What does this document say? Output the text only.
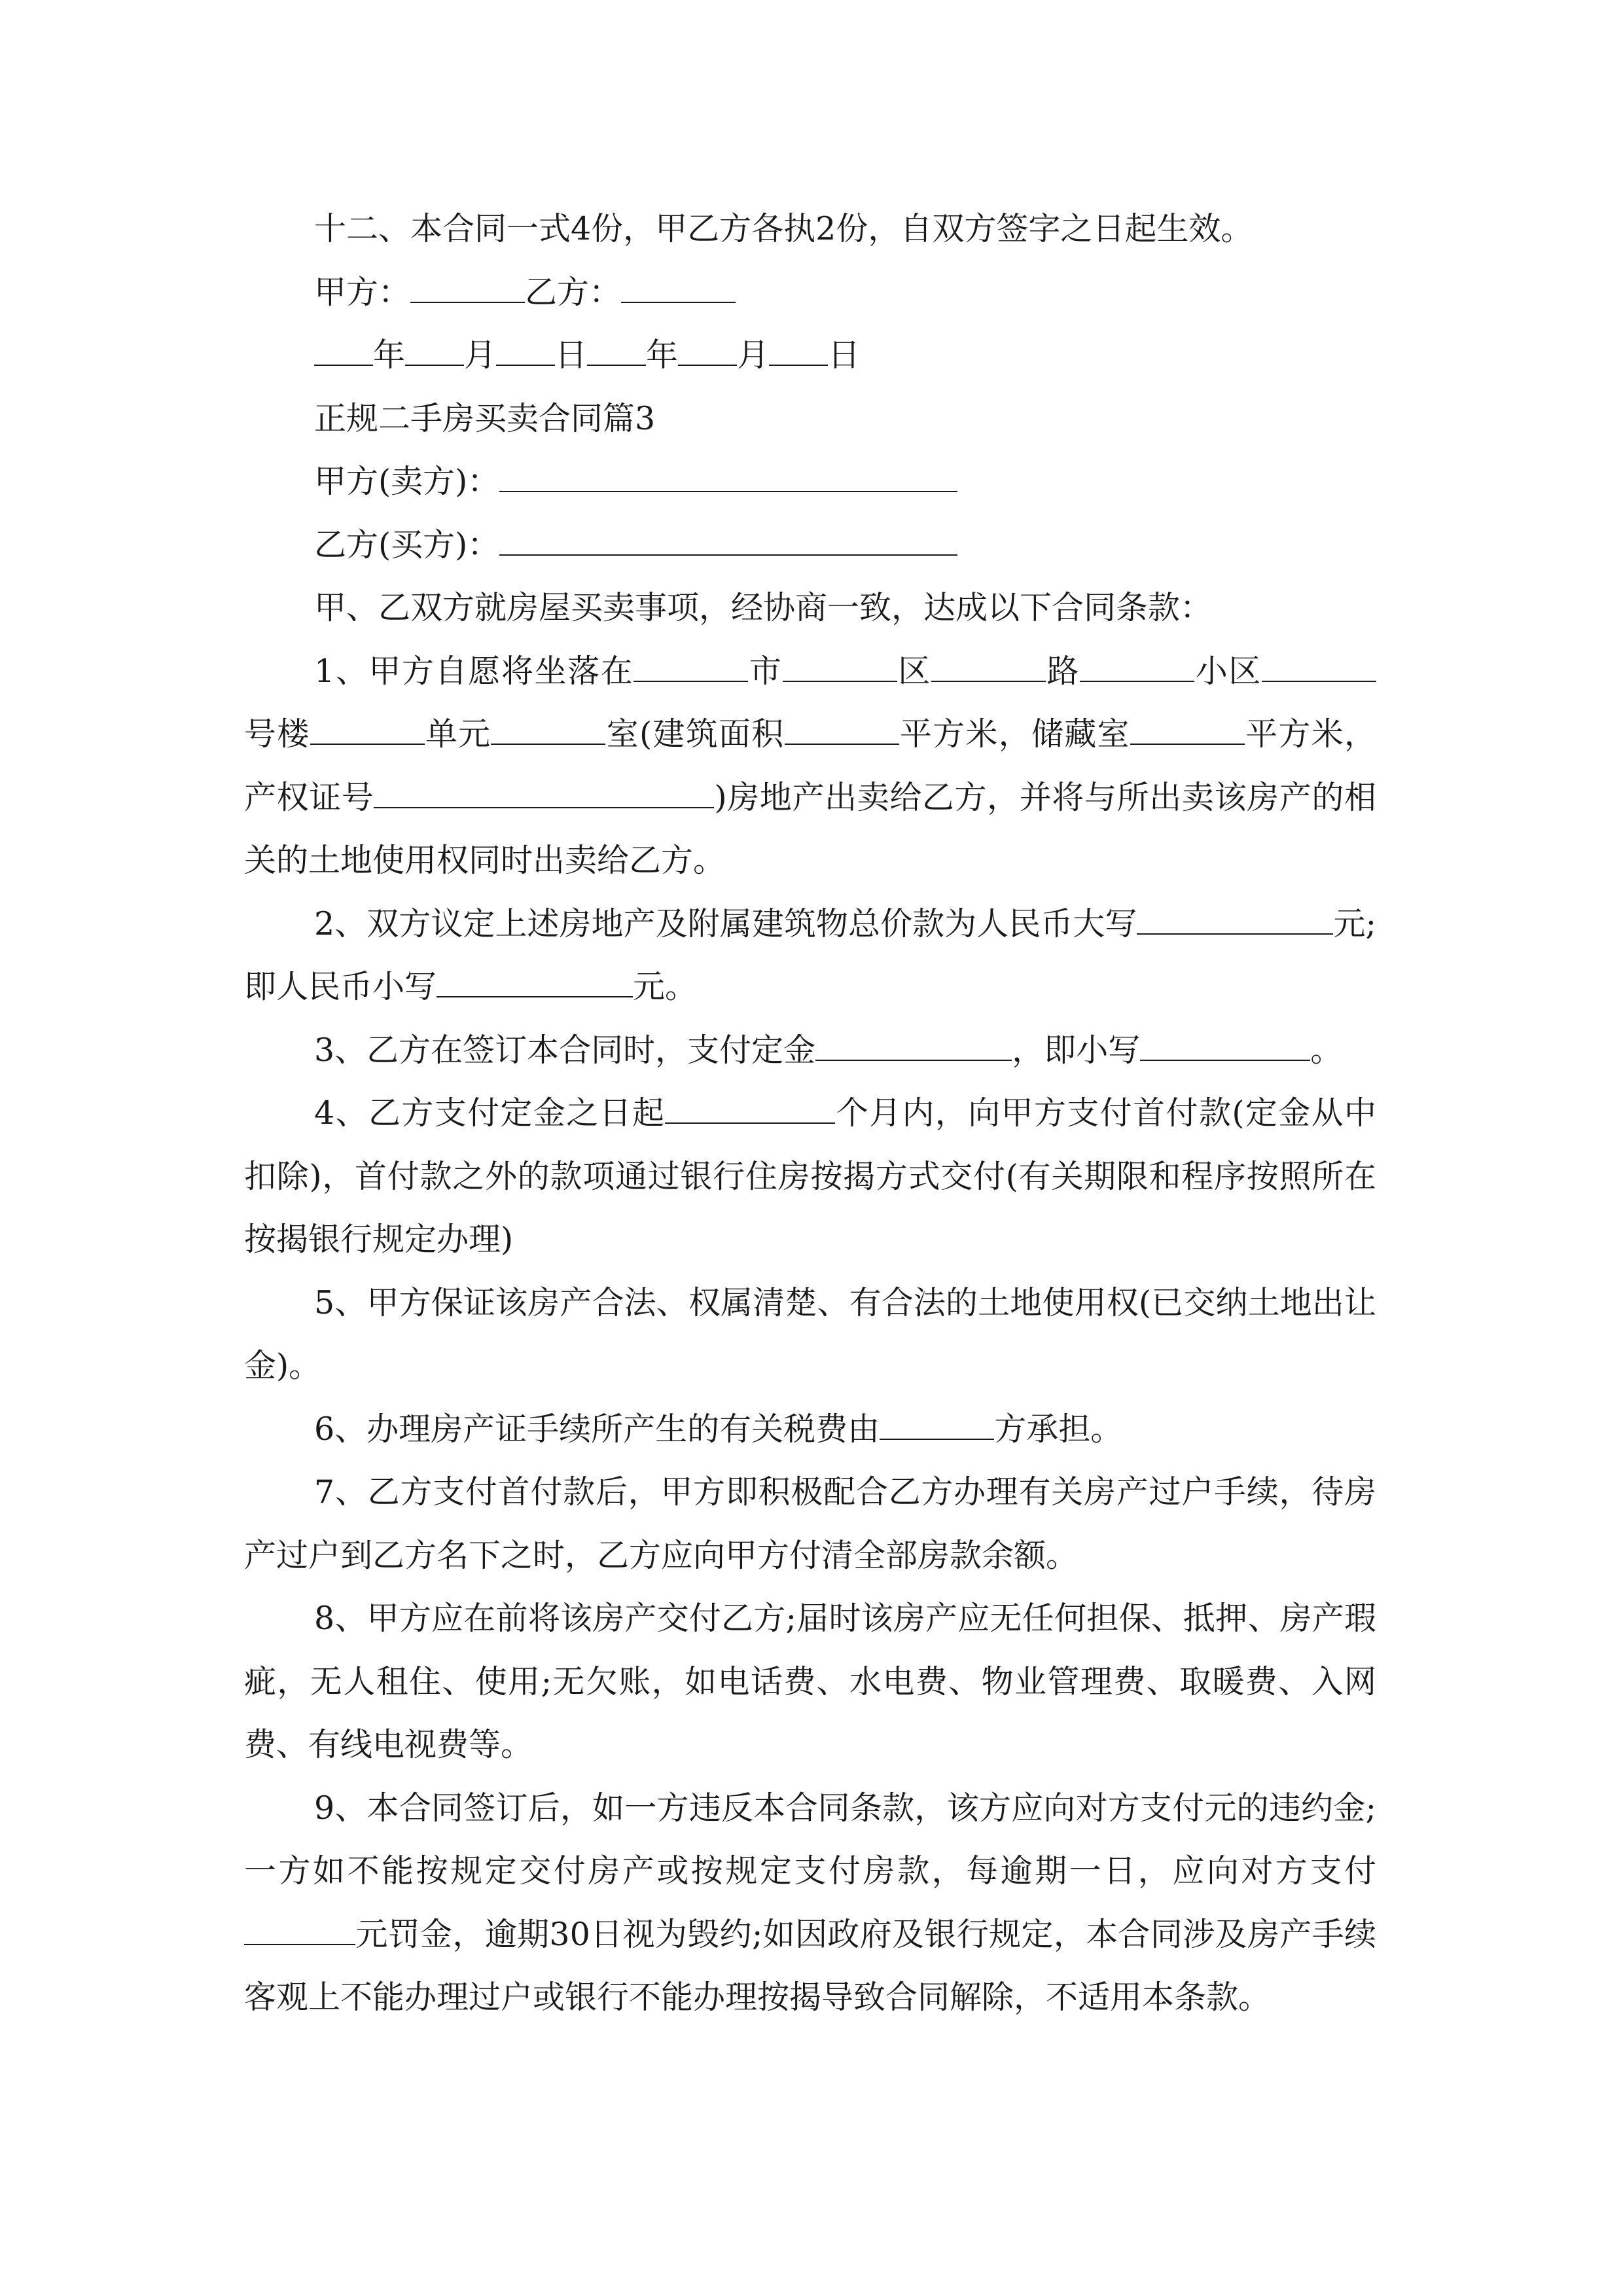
十二、本合同一式4份，甲乙方各执2份，自双方签字之日起生效。
甲方：	乙方：
年 月 日 年 月 日
正规二手房买卖合同篇3
甲方(卖方)：
乙方(买方)：
甲、乙双方就房屋买卖事项，经协商一致，达成以下合同条款：
1、甲方自愿将坐落在	市	区	路	小区号楼	单元	室(建筑面积	平方米，储藏室	平方米，产权证号	)房地产出卖给乙方，并将与所出卖该房产的相关的土地使用权同时出卖给乙方。
2、双方议定上述房地产及附属建筑物总价款为人民币大写	元;即人民币小写	元。
3、乙方在签订本合同时，支付定金	，即小写	。
4、乙方支付定金之日起	个月内，向甲方支付首付款(定金从中扣除)，首付款之外的款项通过银行住房按揭方式交付(有关期限和程序按照所在按揭银行规定办理)
5、甲方保证该房产合法、权属清楚、有合法的土地使用权(已交纳土地出让金)。
6、办理房产证手续所产生的有关税费由	方承担。
7、乙方支付首付款后，甲方即积极配合乙方办理有关房产过户手续，待房产过户到乙方名下之时，乙方应向甲方付清全部房款余额。
8、甲方应在前将该房产交付乙方;届时该房产应无任何担保、抵押、房产瑕疵，无人租住、使用;无欠账，如电话费、水电费、物业管理费、取暖费、入网费、有线电视费等。
9、本合同签订后，如一方违反本合同条款，该方应向对方支付元的违约金;一方如不能按规定交付房产或按规定支付房款，每逾期一日，应向对方支付元罚金，逾期30日视为毁约;如因政府及银行规定，本合同涉及房产手续客观上不能办理过户或银行不能办理按揭导致合同解除，不适用本条款。
